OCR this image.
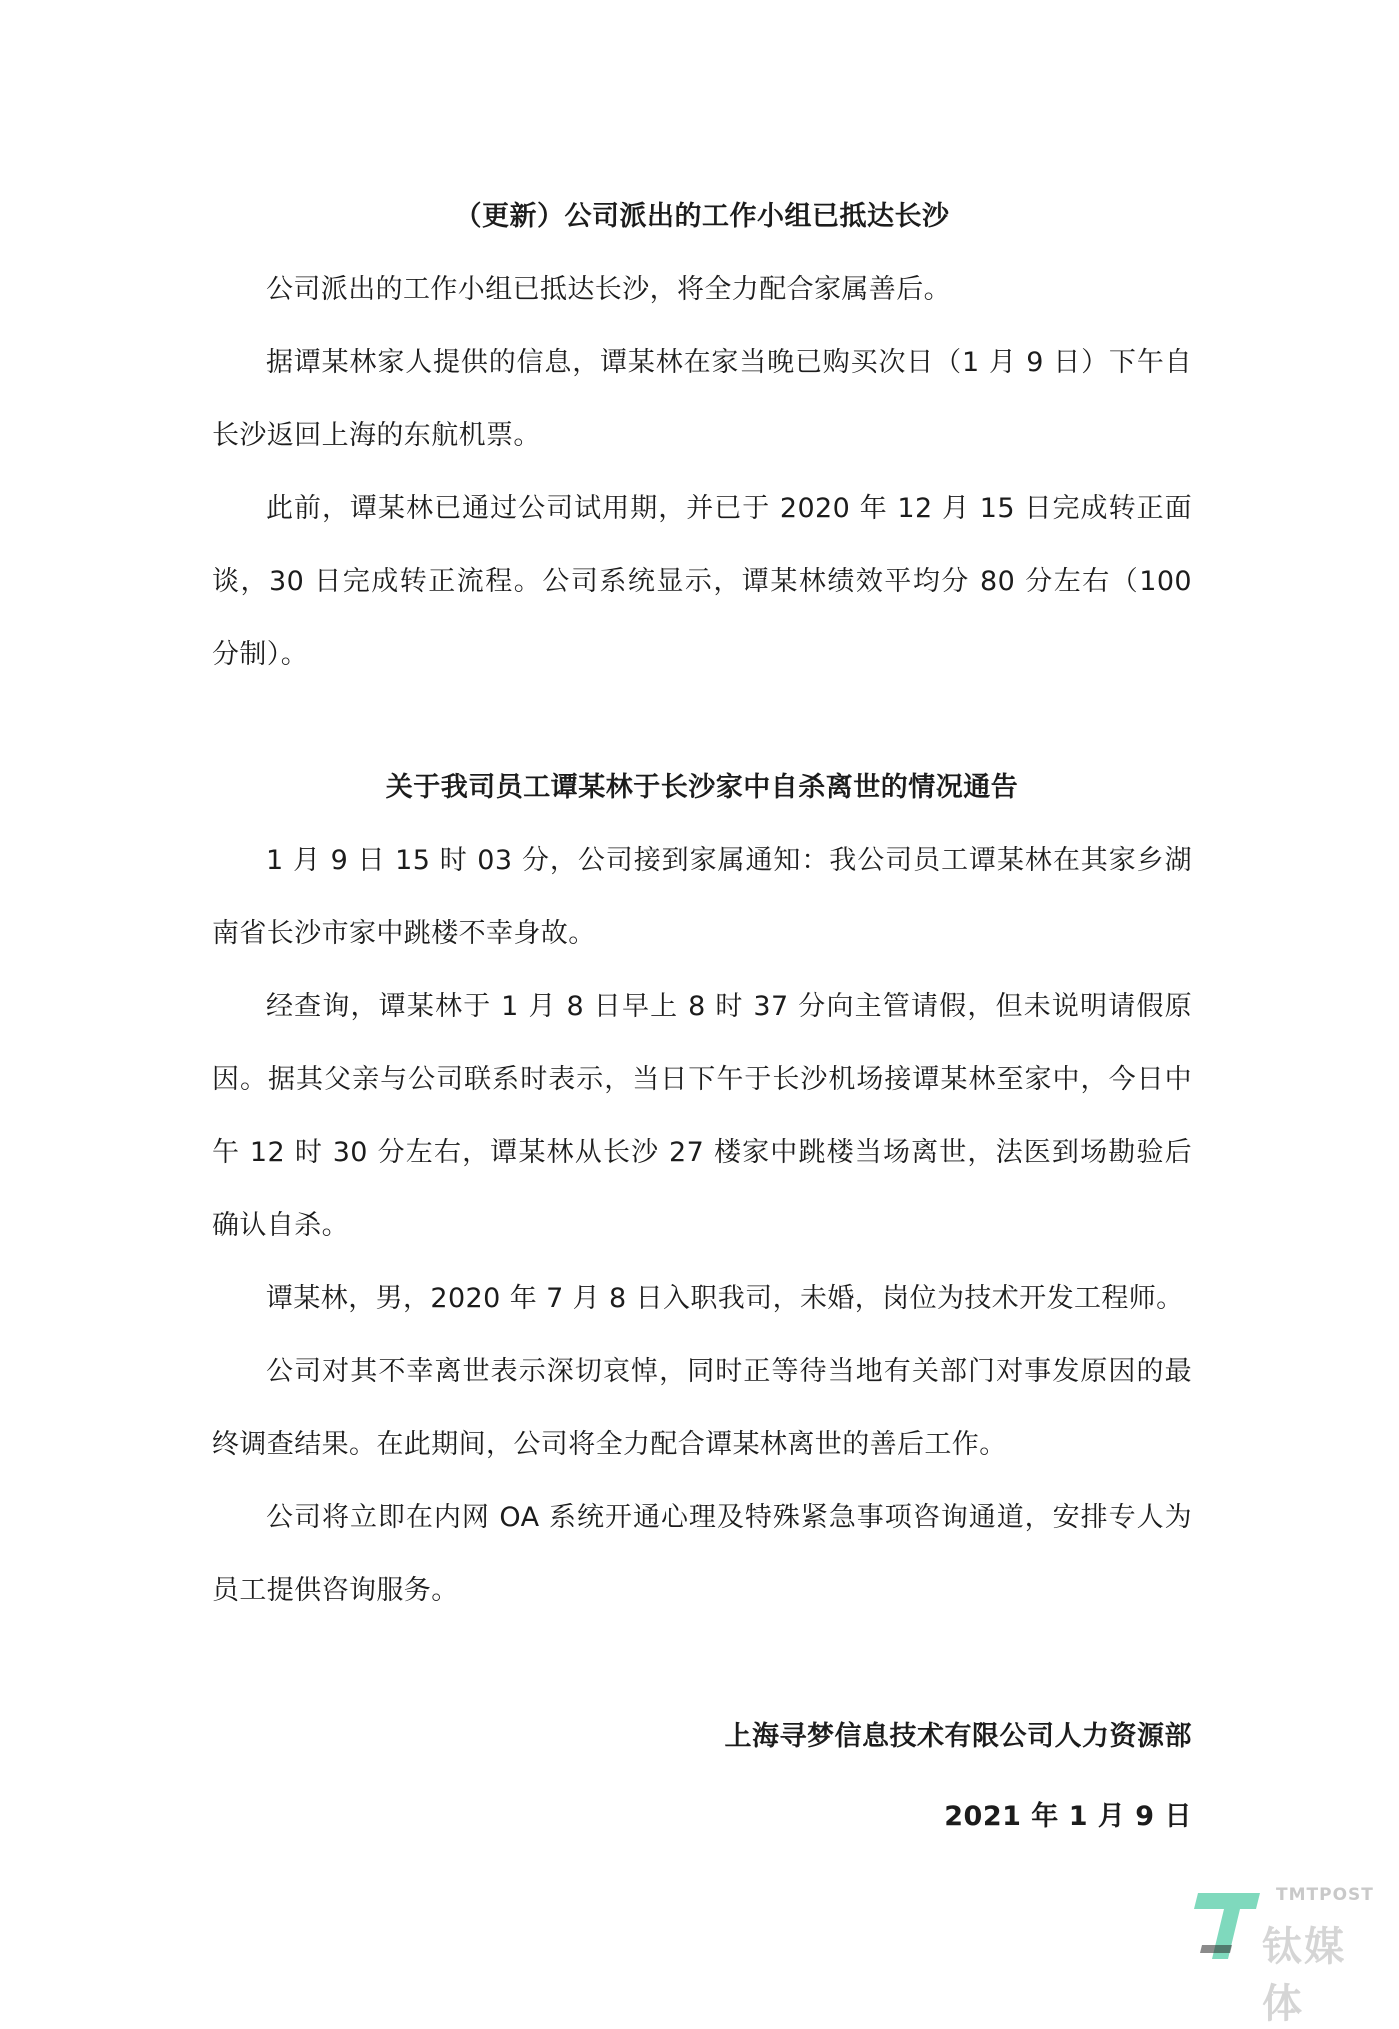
（更新）公司派出的工作小组已抵达长沙

公司派出的工作小组已抵达长沙，将全力配合家属善后。

据谭某林家人提供的信息，谭某林在家当晚已购买次日（1 月 9 日）下午自长沙返回上海的东航机票。

此前，谭某林已通过公司试用期，并已于 2020 年 12 月 15 日完成转正面谈，30 日完成转正流程。公司系统显示，谭某林绩效平均分 80 分左右（100 分制）。

关于我司员工谭某林于长沙家中自杀离世的情况通告

1 月 9 日 15 时 03 分，公司接到家属通知：我公司员工谭某林在其家乡湖南省长沙市家中跳楼不幸身故。

经查询，谭某林于 1 月 8 日早上 8 时 37 分向主管请假，但未说明请假原因。据其父亲与公司联系时表示，当日下午于长沙机场接谭某林至家中，今日中午 12 时 30 分左右，谭某林从长沙 27 楼家中跳楼当场离世，法医到场勘验后确认自杀。

谭某林，男，2020 年 7 月 8 日入职我司，未婚，岗位为技术开发工程师。

公司对其不幸离世表示深切哀悼，同时正等待当地有关部门对事发原因的最终调查结果。在此期间，公司将全力配合谭某林离世的善后工作。

公司将立即在内网 OA 系统开通心理及特殊紧急事项咨询通道，安排专人为员工提供咨询服务。

上海寻梦信息技术有限公司人力资源部

2021 年 1 月 9 日

TMTPOST
钛媒体
